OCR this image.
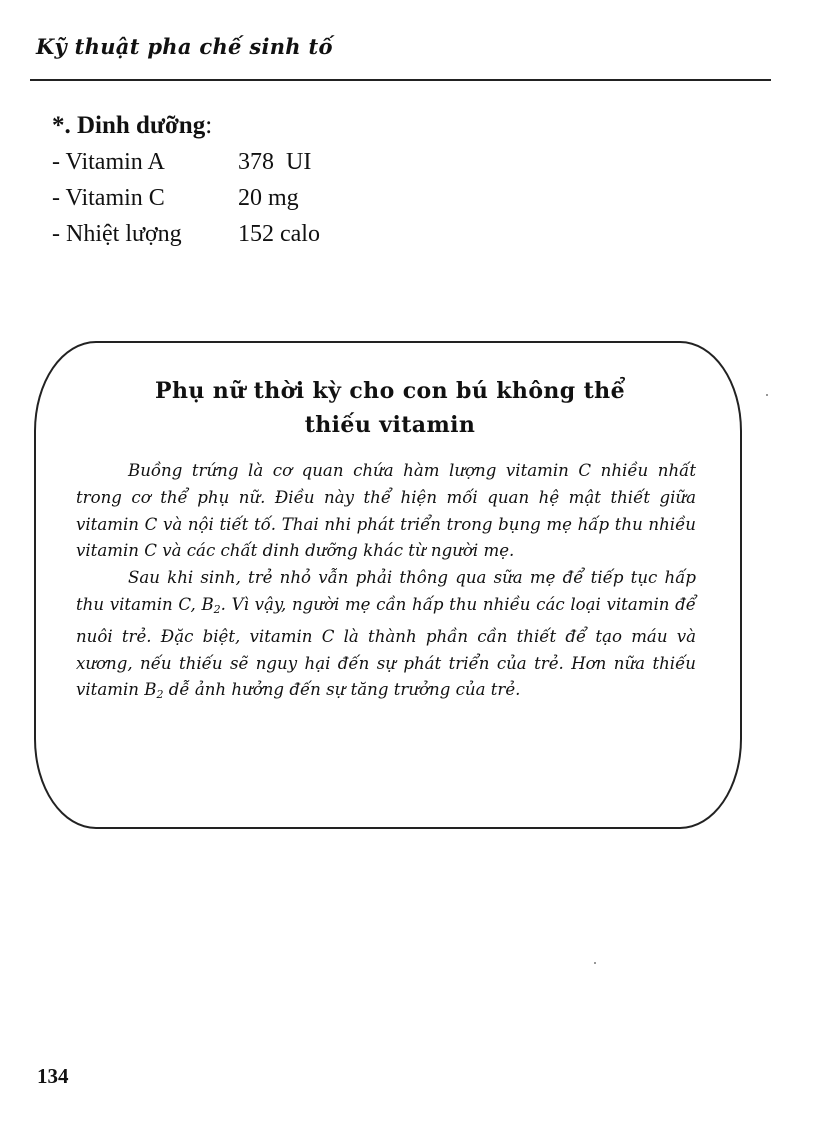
Kỹ thuật pha chế sinh tố
*. Dinh dưỡng:
- Vitamin A	378  UI
- Vitamin C	20 mg
- Nhiệt lượng	152 calo
Phụ nữ thời kỳ cho con bú không thể
thiếu vitamin

Buồng trứng là cơ quan chứa hàm lượng vitamin C nhiều nhất trong cơ thể phụ nữ. Điều này thể hiện mối quan hệ mật thiết giữa vitamin C và nội tiết tố. Thai nhi phát triển trong bụng mẹ hấp thu nhiều vitamin C và các chất dinh dưỡng khác từ người mẹ.

Sau khi sinh, trẻ nhỏ vẫn phải thông qua sữa mẹ để tiếp tục hấp thu vitamin C, $B_2$. Vì vậy, người mẹ cần hấp thu nhiều các loại vitamin để nuôi trẻ. Đặc biệt, vitamin C là thành phần cần thiết để tạo máu và xương, nếu thiếu sẽ nguy hại đến sự phát triển của trẻ. Hơn nữa thiếu vitamin $B_2$ dễ ảnh hưởng đến sự tăng trưởng của trẻ.

134
